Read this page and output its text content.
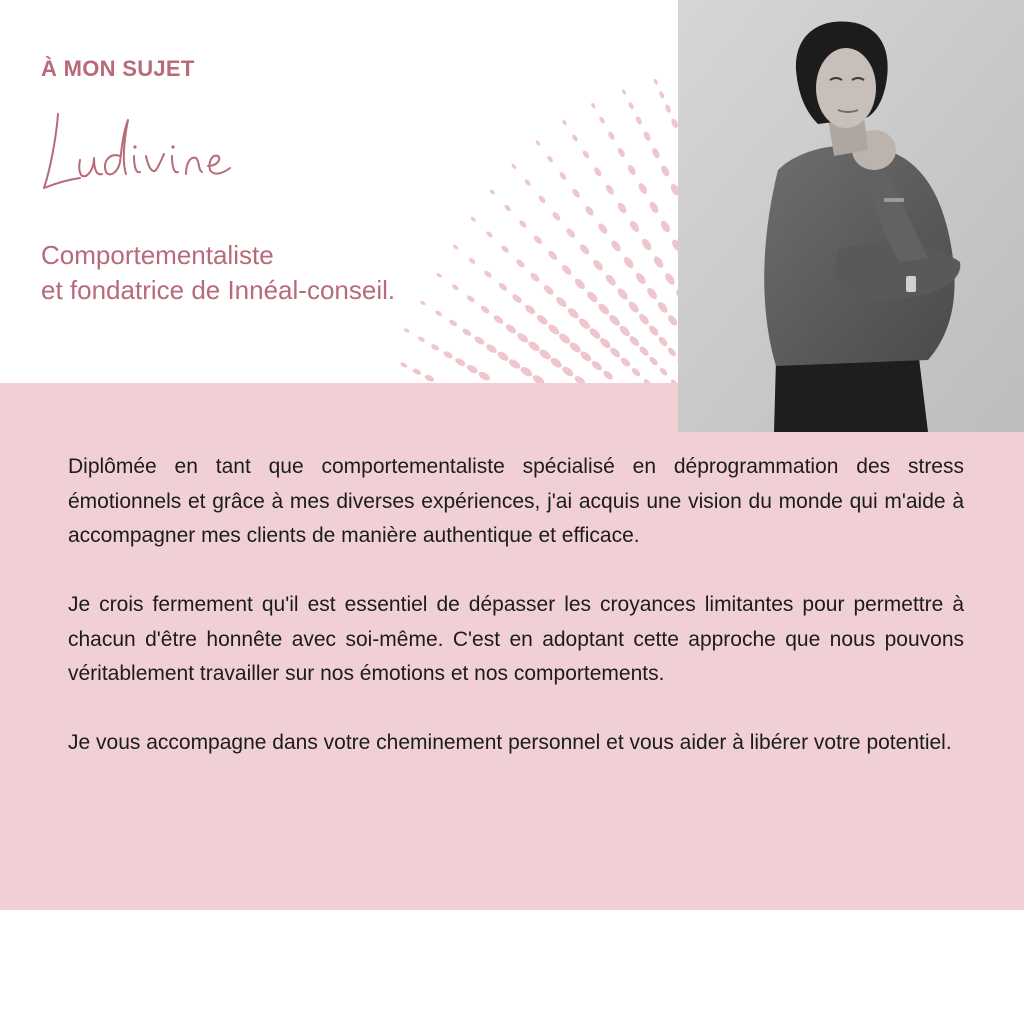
À MON SUJET
Comportementaliste
et fondatrice de Innéal-conseil.

Diplômée en tant que comportementaliste spécialisé en déprogrammation des stress émotionnels et grâce à mes diverses expériences, j'ai acquis une vision du monde qui m'aide à accompagner mes clients de manière authentique et efficace.

Je crois fermement qu'il est essentiel de dépasser les croyances limitantes pour permettre à chacun d'être honnête avec soi-même. C'est en adoptant cette approche que nous pouvons véritablement travailler sur nos émotions et nos comportements.

Je vous accompagne dans votre cheminement personnel et vous aider à libérer votre potentiel.
